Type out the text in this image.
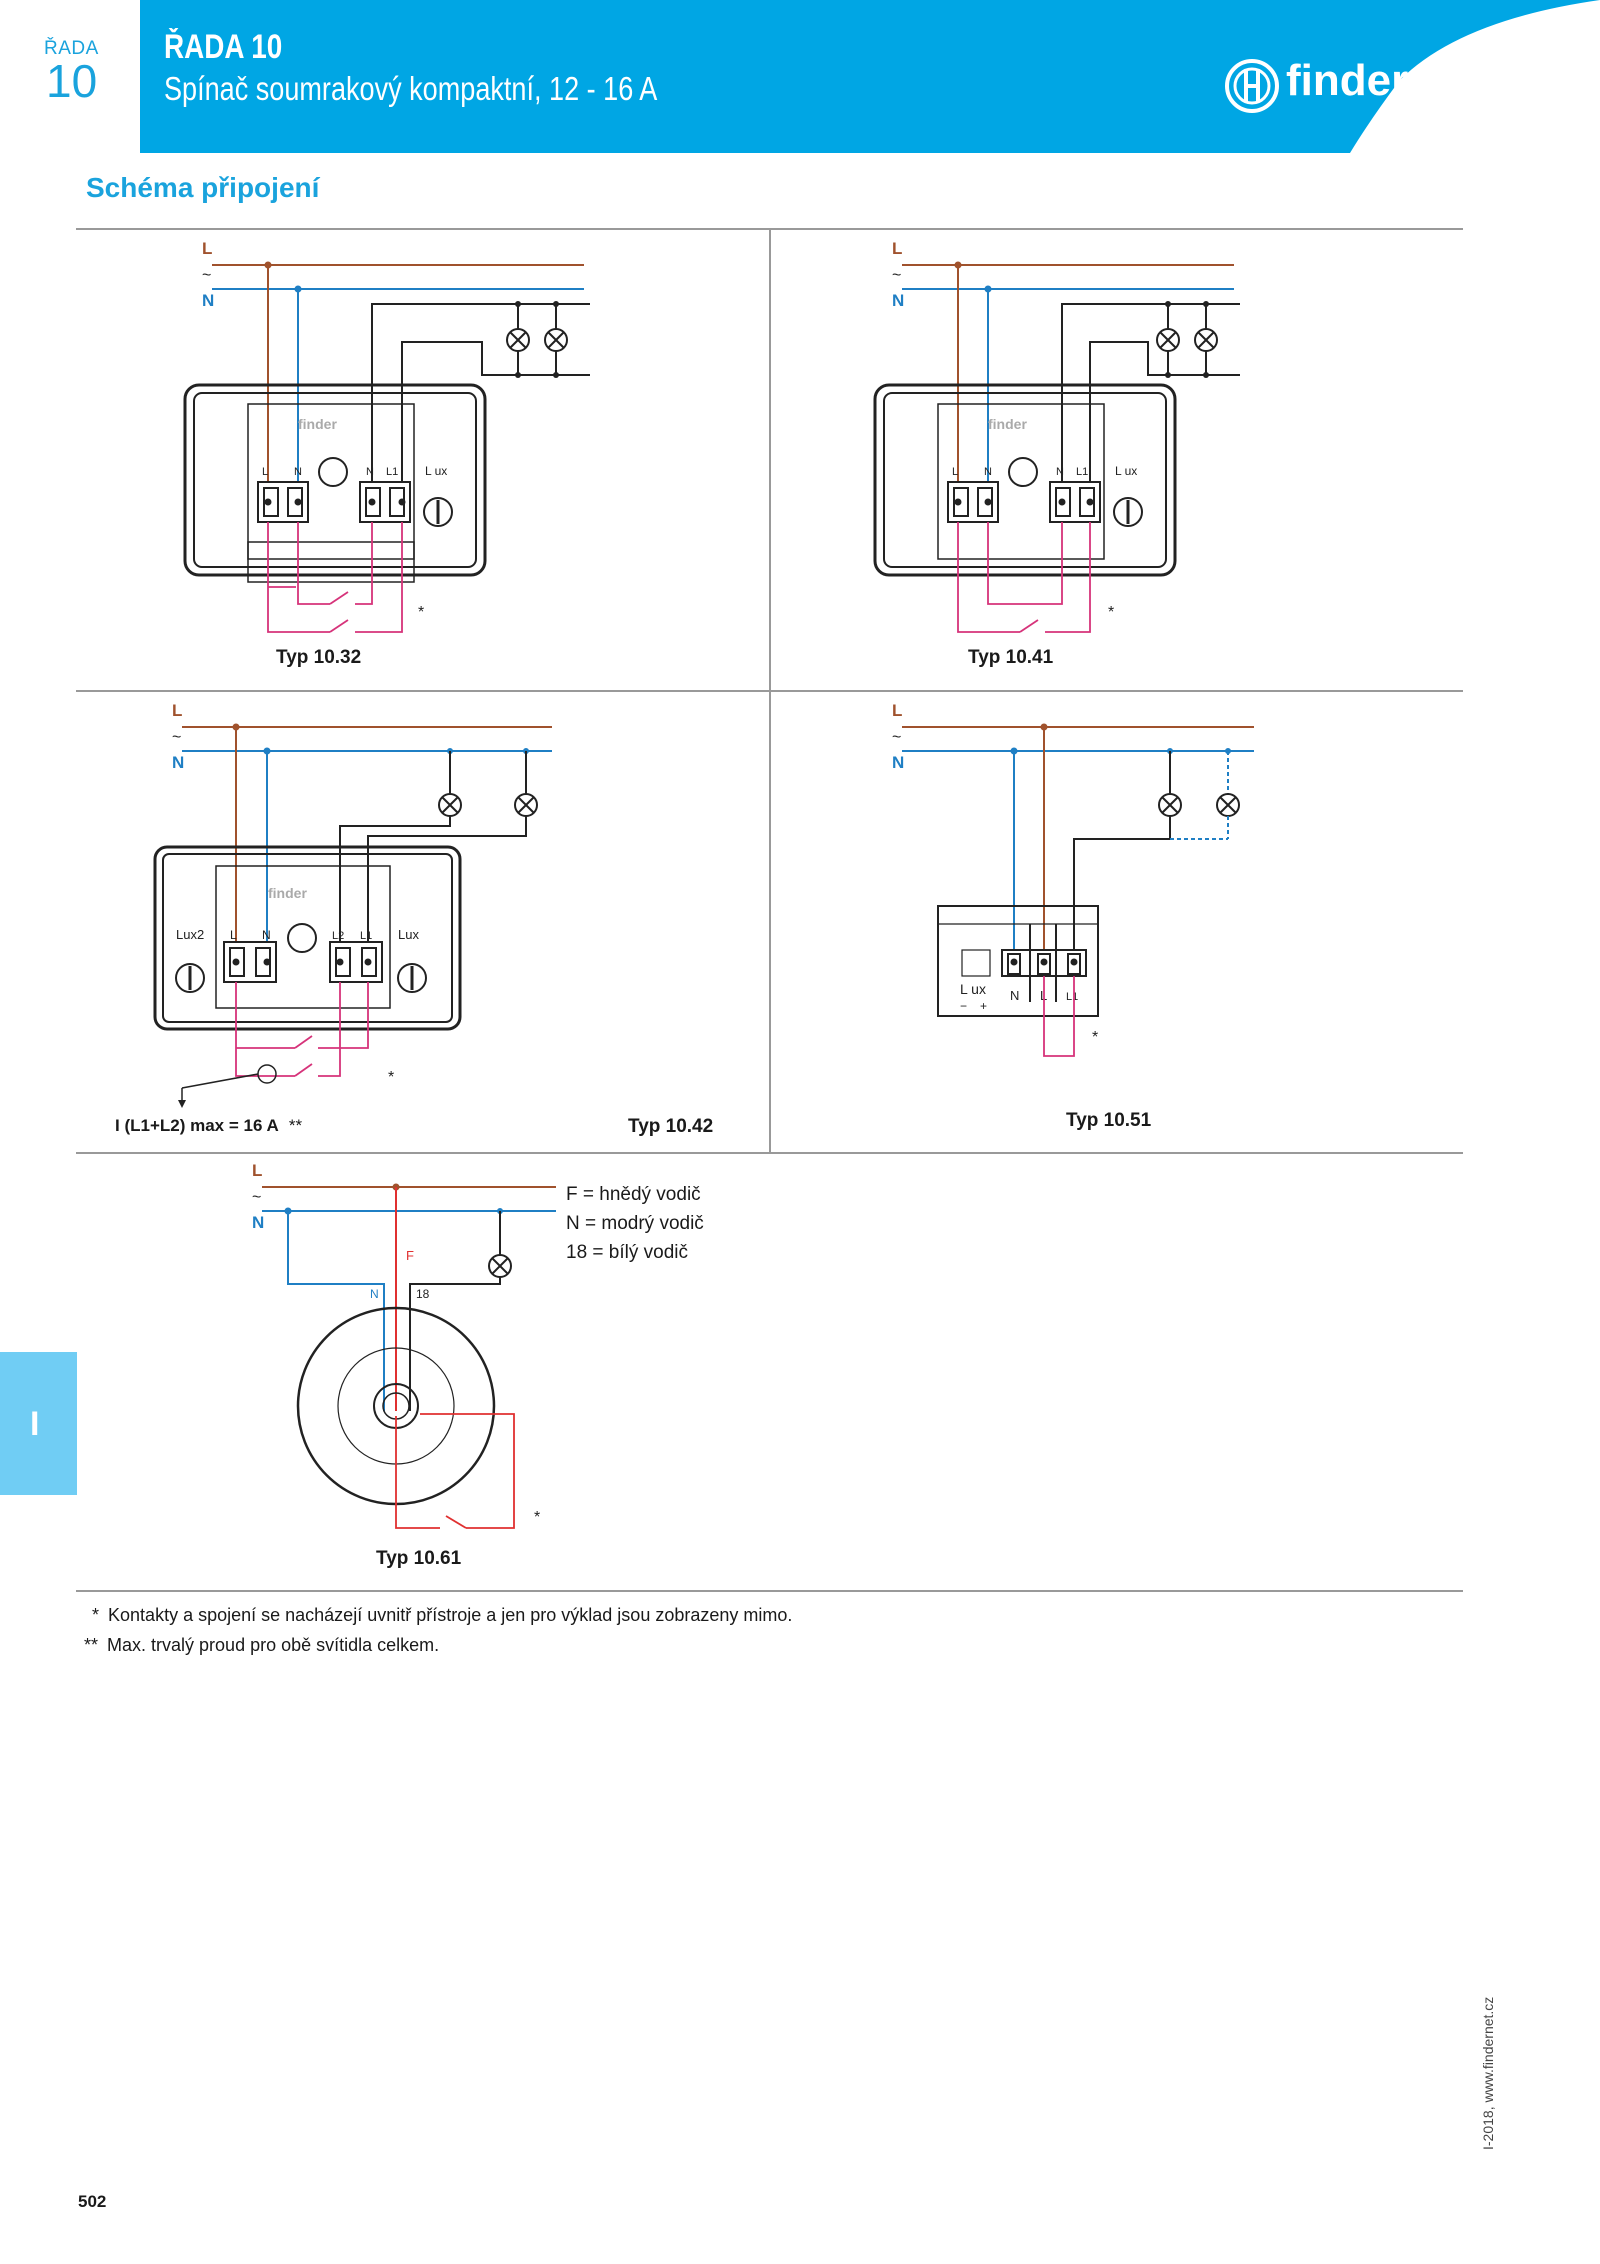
ŘADA
10
ŘADA 10
Spínač soumrakový kompaktní, 12 - 16 A	finder
Schéma připojení
finder
L N	N L1 L ux
L
~
N
*
Typ 10.32
finder
L N	N L1 L ux
L
~
N
*
Typ 10.41
finder
L N	L2 L1 Lux
Lux2
L
~
N
*
I (L1+L2) max = 16 A **	Typ 10.42
L ux
− +
N L L1
L
~
N
*
Typ 10.51
F
N	18
L
~
N
*
Typ 10.61
F = hnědý vodič
N = modrý vodič
18 = bílý vodič
* Kontakty a spojení se nacházejí uvnitř přístroje a jen pro výklad jsou zobrazeny mimo.
** Max. trvalý proud pro obě svítidla celkem.
I
502
I-2018, www.findernet.cz
